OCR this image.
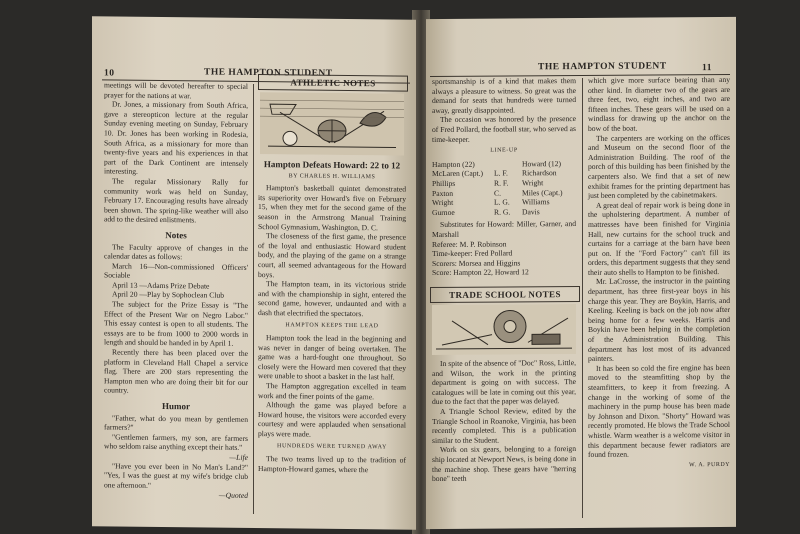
10	THE HAMPTON STUDENT

meetings will be devoted hereafter to special prayer for the nations at war.

Dr. Jones, a missionary from South Africa, gave a stereopticon lecture at the regular Sunday evening meeting on Sunday, February 10. Dr. Jones has been working in Rodesia, South Africa, as a missionary for more than twenty-five years and his experiences in that part of the Dark Continent are intensely interesting.

The regular Missionary Rally for community work was held on Sunday, February 17. Encouraging results have already been shown. The spring-like weather will also add to the desired enlistments.

Notes

The Faculty approve of changes in the calendar dates as follows:

March 16—Non-commissioned Officers' Sociable

April 13 —Adams Prize Debate

April 20 —Play by Sophoclean Club

The subject for the Prize Essay is "The Effect of the Present War on Negro Labor." This essay contest is open to all students. The essays are to be from 1000 to 2000 words in length and should be handed in by April 1.

Recently there has been placed over the platform in Cleveland Hall Chapel a service flag. There are 200 stars representing the Hampton men who are doing their bit for our country.

Humor

"Father, what do you mean by gentlemen farmers?"

"Gentlemen farmers, my son, are farmers who seldom raise anything except their hats."

—Life

"Have you ever been in No Man's Land?" "Yes, I was the guest at my wife's bridge club one afternoon."

—Quoted
ATHLETIC NOTES
Hampton Defeats Howard: 22 to 12
BY CHARLES H. WILLIAMS

Hampton's basketball quintet demonstrated its superiority over Howard's five on February 15, when they met for the second game of the season in the Armstrong Manual Training School Gymnasium, Washington, D. C.

The closeness of the first game, the presence of the loyal and enthusiastic Howard student body, and the playing of the game on a strange court, all seemed advantageous for the Howard boys.

The Hampton team, in its victorious stride and with the championship in sight, entered the second game, however, undaunted and with a dash that electrified the spectators.

HAMPTON KEEPS THE LEAD

Hampton took the lead in the beginning and was never in danger of being overtaken. The game was a hard-fought one throughout. So closely were the Howard men covered that they were unable to shoot a basket in the last half.

The Hampton aggregation excelled in team work and the finer points of the game.

Although the game was played before a Howard house, the visitors were accorded every courtesy and were applauded when sensational plays were made.

HUNDREDS WERE TURNED AWAY

The two teams lived up to the tradition of Hampton-Howard games, where the

THE HAMPTON STUDENT	11

sportsmanship is of a kind that makes them always a pleasure to witness. So great was the demand for seats that hundreds were turned away, greatly disappointed.

The occasion was honored by the presence of Fred Pollard, the football star, who served as time-keeper.

LINE-UP
Hampton (22)	Howard (12)
McLaren (Capt.)	L. F.	Richardson
Phillips	R. F.	Wright
Paxton	C.	Miles (Capt.)
Wright	L. G.	Williams
Gurnoe	R. G.	Davis

Substitutes for Howard: Miller, Garner, and Marshall

Referee: M. P. Robinson

Time-keeper: Fred Pollard

Scorers: Morsea and Higgins

Score: Hampton 22, Howard 12

TRADE SCHOOL NOTES

In spite of the absence of "Doc" Ross, Little, and Wilson, the work in the printing department is going on with success. The catalogues will be late in coming out this year, due to the fact that the paper was delayed.

A Triangle School Review, edited by the Triangle School in Roanoke, Virginia, has been recently completed. This is a publication similar to the Student.

Work on six gears, belonging to a foreign ship located at Newport News, is being done in the machine shop. These gears have "herring bone" teeth

which give more surface bearing than any other kind. In diameter two of the gears are three feet, two, eight inches, and two are fifteen inches. These gears will be used on a windlass for drawing up the anchor on the bow of the boat.

The carpenters are working on the offices and Museum on the second floor of the Administration Building. The roof of the porch of this building has been finished by the carpenters also. We find that a set of new exhibit frames for the printing department has just been completed by the cabinetmakers.

A great deal of repair work is being done in the upholstering department. A number of mattresses have been finished for Virginia Hall, new curtains for the school truck and curtains for a carriage at the barn have been put on. If the "Ford Factory" can't fill its orders, this department suggests that they send their auto shells to Hampton to be finished.

Mr. LaCrosse, the instructor in the painting department, has three first-year boys in his charge this year. They are Boykin, Harris, and Keeling. Keeling is back on the job now after being home for a few weeks. Harris and Boykin have been helping in the completion of the Administration Building. This department has lost most of its advanced painters.

It has been so cold the fire engine has been moved to the steamfitting shop by the steamfitters, to keep it from freezing. A change in the working of some of the machinery in the pump house has been made by Johnson and Dixon. "Shorty" Howard was recently promoted. He blows the Trade School whistle. Warm weather is a welcome visitor in this department because fewer radiators are found frozen.

W. A. PURDY
